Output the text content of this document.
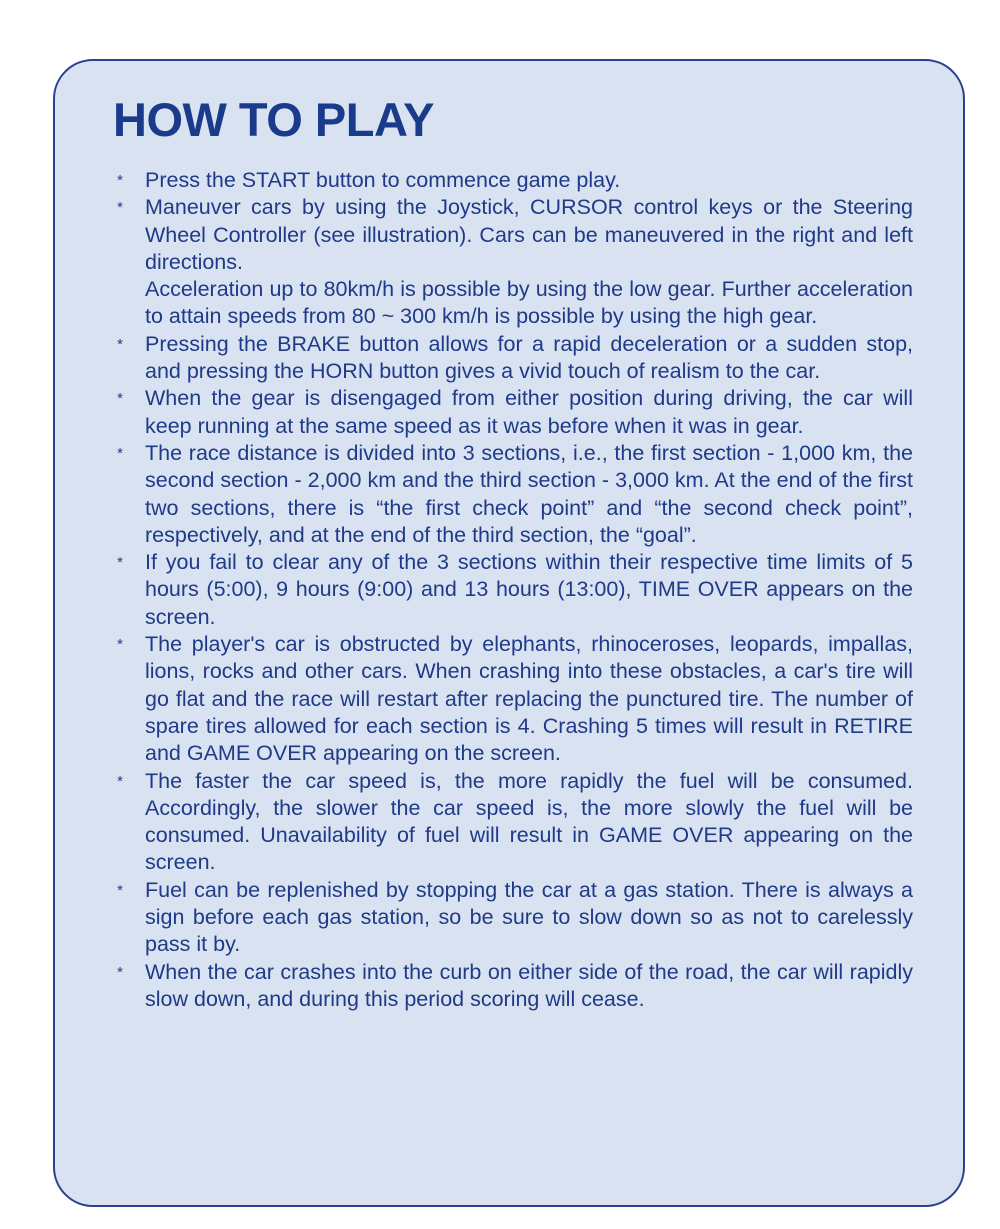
HOW TO PLAY
* Press the START button to commence game play.
* Maneuver cars by using the Joystick, CURSOR control keys or the Steering Wheel Controller (see illustration). Cars can be maneuvered in the right and left directions.
Acceleration up to 80km/h is possible by using the low gear. Further acceleration to attain speeds from 80 ~ 300 km/h is possible by using the high gear.
* Pressing the BRAKE button allows for a rapid deceleration or a sudden stop, and pressing the HORN button gives a vivid touch of realism to the car.
* When the gear is disengaged from either position during driving, the car will keep running at the same speed as it was before when it was in gear.
* The race distance is divided into 3 sections, i.e., the first section - 1,000 km, the second section - 2,000 km and the third section - 3,000 km. At the end of the first two sections, there is “the first check point” and “the second check point”, respectively, and at the end of the third section, the “goal”.
* If you fail to clear any of the 3 sections within their respective time limits of 5 hours (5:00), 9 hours (9:00) and 13 hours (13:00), TIME OVER appears on the screen.
* The player's car is obstructed by elephants, rhinoceroses, leopards, impallas, lions, rocks and other cars. When crashing into these obstacles, a car's tire will go flat and the race will restart after replacing the punctured tire. The number of spare tires allowed for each section is 4. Crashing 5 times will result in RETIRE and GAME OVER appearing on the screen.
* The faster the car speed is, the more rapidly the fuel will be consumed. Accordingly, the slower the car speed is, the more slowly the fuel will be consumed. Unavailability of fuel will result in GAME OVER appearing on the screen.
* Fuel can be replenished by stopping the car at a gas station. There is always a sign before each gas station, so be sure to slow down so as not to carelessly pass it by.
* When the car crashes into the curb on either side of the road, the car will rapidly slow down, and during this period scoring will cease.
